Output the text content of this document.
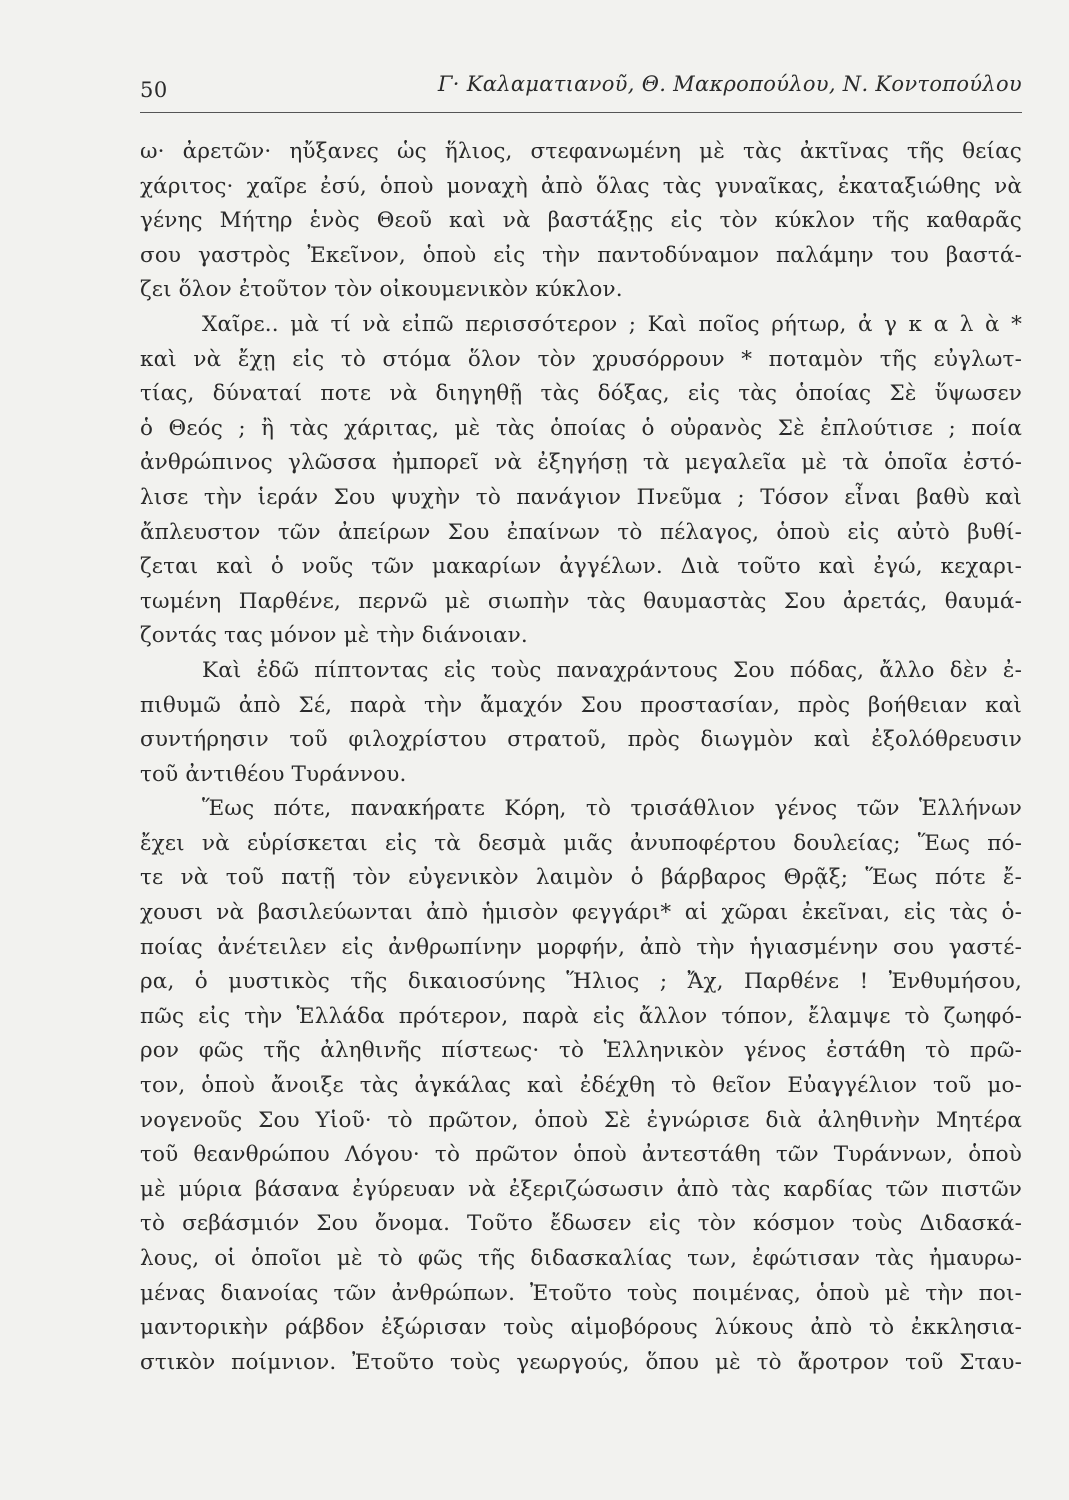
50	Γ· Καλαματιανοῦ, Θ. Μακροπούλου, Ν. Κοντοπούλου
ω· ἀρετῶν· ηὔξανες ὡς ἥλιος, στεφανωμένη μὲ τὰς ἀκτῖνας τῆς θείας
χάριτος· χαῖρε ἐσύ, ὁποὺ μοναχὴ ἀπὸ ὅλας τὰς γυναῖκας, ἐκαταξιώθης νὰ
γένης Μήτηρ ἑνὸς Θεοῦ καὶ νὰ βαστάξῃς εἰς τὸν κύκλον τῆς καθαρᾶς
σου γαστρὸς Ἐκεῖνον, ὁποὺ εἰς τὴν παντοδύναμον παλάμην του βαστά-
ζει ὅλον ἐτοῦτον τὸν οἰκουμενικὸν κύκλον.
Χαῖρε.. μὰ τί νὰ εἰπῶ περισσότερον ; Καὶ ποῖος ρήτωρ, ἀ γ κ α λ ὰ *
καὶ νὰ ἔχῃ εἰς τὸ στόμα ὅλον τὸν χρυσόρρουν * ποταμὸν τῆς εὐγλωτ-
τίας, δύναταί ποτε νὰ διηγηθῇ τὰς δόξας, εἰς τὰς ὁποίας Σὲ ὕψωσεν
ὁ Θεός ; ἢ τὰς χάριτας, μὲ τὰς ὁποίας ὁ οὐρανὸς Σὲ ἐπλούτισε ; ποία
ἀνθρώπινος γλῶσσα ἠμπορεῖ νὰ ἐξηγήσῃ τὰ μεγαλεῖα μὲ τὰ ὁποῖα ἐστό-
λισε τὴν ἱεράν Σου ψυχὴν τὸ πανάγιον Πνεῦμα ; Τόσον εἶναι βαθὺ καὶ
ἄπλευστον τῶν ἀπείρων Σου ἐπαίνων τὸ πέλαγος, ὁποὺ εἰς αὐτὸ βυθί-
ζεται καὶ ὁ νοῦς τῶν μακαρίων ἀγγέλων. Διὰ τοῦτο καὶ ἐγώ, κεχαρι-
τωμένη Παρθένε, περνῶ μὲ σιωπὴν τὰς θαυμαστὰς Σου ἀρετάς, θαυμά-
ζοντάς τας μόνον μὲ τὴν διάνοιαν.
Καὶ ἐδῶ πίπτοντας εἰς τοὺς παναχράντους Σου πόδας, ἄλλο δὲν ἐ-
πιθυμῶ ἀπὸ Σέ, παρὰ τὴν ἄμαχόν Σου προστασίαν, πρὸς βοήθειαν καὶ
συντήρησιν τοῦ φιλοχρίστου στρατοῦ, πρὸς διωγμὸν καὶ ἐξολόθρευσιν
τοῦ ἀντιθέου Τυράννου.
Ἕως πότε, πανακήρατε Κόρη, τὸ τρισάθλιον γένος τῶν Ἑλλήνων
ἔχει νὰ εὑρίσκεται εἰς τὰ δεσμὰ μιᾶς ἀνυποφέρτου δουλείας; Ἕως πό-
τε νὰ τοῦ πατῇ τὸν εὐγενικὸν λαιμὸν ὁ βάρβαρος Θρᾷξ; Ἕως πότε ἔ-
χουσι νὰ βασιλεύωνται ἀπὸ ἡμισὸν φεγγάρι* αἱ χῶραι ἐκεῖναι, εἰς τὰς ὁ-
ποίας ἀνέτειλεν εἰς ἀνθρωπίνην μορφήν, ἀπὸ τὴν ἡγιασμένην σου γαστέ-
ρα, ὁ μυστικὸς τῆς δικαιοσύνης Ἥλιος ; Ἄχ, Παρθένε ! Ἐνθυμήσου,
πῶς εἰς τὴν Ἑλλάδα πρότερον, παρὰ εἰς ἄλλον τόπον, ἔλαμψε τὸ ζωηφό-
ρον φῶς τῆς ἀληθινῆς πίστεως· τὸ Ἑλληνικὸν γένος ἐστάθη τὸ πρῶ-
τον, ὁποὺ ἄνοιξε τὰς ἀγκάλας καὶ ἐδέχθη τὸ θεῖον Εὐαγγέλιον τοῦ μο-
νογενοῦς Σου Υἱοῦ· τὸ πρῶτον, ὁποὺ Σὲ ἐγνώρισε διὰ ἀληθινὴν Μητέρα
τοῦ θεανθρώπου Λόγου· τὸ πρῶτον ὁποὺ ἀντεστάθη τῶν Τυράννων, ὁποὺ
μὲ μύρια βάσανα ἐγύρευαν νὰ ἐξεριζώσωσιν ἀπὸ τὰς καρδίας τῶν πιστῶν
τὸ σεβάσμιόν Σου ὄνομα. Τοῦτο ἔδωσεν εἰς τὸν κόσμον τοὺς Διδασκά-
λους, οἱ ὁποῖοι μὲ τὸ φῶς τῆς διδασκαλίας των, ἐφώτισαν τὰς ἠμαυρω-
μένας διανοίας τῶν ἀνθρώπων. Ἐτοῦτο τοὺς ποιμένας, ὁποὺ μὲ τὴν ποι-
μαντορικὴν ράβδον ἐξώρισαν τοὺς αἱμοβόρους λύκους ἀπὸ τὸ ἐκκλησια-
στικὸν ποίμνιον. Ἐτοῦτο τοὺς γεωργούς, ὅπου μὲ τὸ ἄροτρον τοῦ Σταυ-
